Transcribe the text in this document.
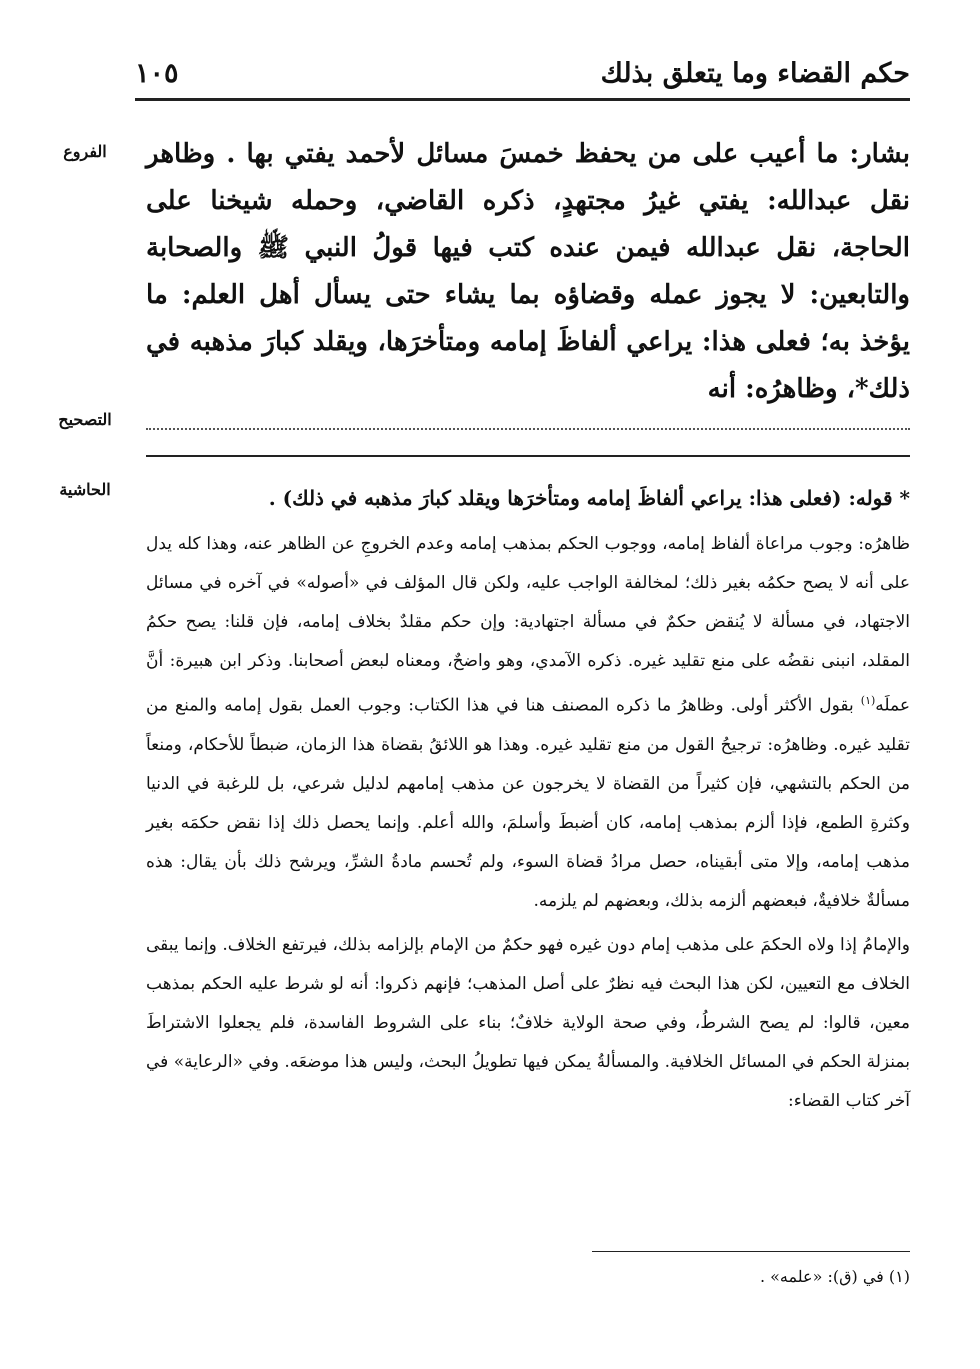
حكم القضاء وما يتعلق بذلك
١٠٥
الفروع	بشار: ما أعيب على من يحفظ خمسَ مسائل لأحمد يفتي بها . وظاهر نقل عبدالله: يفتي غيرُ مجتهدٍ، ذكره القاضي، وحمله شيخنا على الحاجة، نقل عبدالله فيمن عنده كتب فيها قولُ النبي ﷺ والصحابة والتابعين: لا يجوز عمله وقضاؤه بما يشاء حتى يسأل أهل العلم: ما يؤخذ به؛ فعلى هذا: يراعي ألفاظَ إمامه ومتأخرَها، ويقلد كبارَ مذهبه في ذلك*، وظاهرُه: أنه

التصحيح
الحاشية	* قوله: (فعلى هذا: يراعي ألفاظَ إمامه ومتأخرَها ويقلد كبارَ مذهبه في ذلك) .

ظاهرُه: وجوب مراعاة ألفاظ إمامه، ووجوب الحكم بمذهب إمامه وعدم الخروجِ عن الظاهر عنه، وهذا كله يدل على أنه لا يصح حكمُه بغير ذلك؛ لمخالفة الواجب عليه، ولكن قال المؤلف في «أصوله» في آخره في مسائل الاجتهاد، في مسألة لا يُنقض حكمٌ في مسألة اجتهادية: وإن حكم مقلدٌ بخلاف إمامه، فإن قلنا: يصح حكمُ المقلد، انبنى نقضُه على منع تقليد غيره. ذكره الآمدي، وهو واضحٌ، ومعناه لبعض أصحابنا. وذكر ابن هبيرة: أنَّ عملَه$^{(١)}$ بقول الأكثر أولى. وظاهرُ ما ذكره المصنف هنا في هذا الكتاب: وجوب العمل بقول إمامه والمنع من تقليد غيره. وظاهرُه: ترجيحُ القول من منع تقليد غيره. وهذا هو اللائقُ بقضاة هذا الزمان، ضبطاً للأحكام، ومنعاً من الحكم بالتشهي، فإن كثيراً من القضاة لا يخرجون عن مذهب إمامهم لدليل شرعي، بل للرغبة في الدنيا وكثرةِ الطمع، فإذا ألزم بمذهب إمامه، كان أضبطَ وأسلمَ، والله أعلم. وإنما يحصل ذلك إذا نقض حكمَه بغير مذهب إمامه، وإلا متى أبقيناه، حصل مرادُ قضاة السوء، ولم تُحسم مادةُ الشرِّ، ويرشح ذلك بأن يقال: هذه مسألةٌ خلافيةٌ، فبعضهم ألزمه بذلك، وبعضهم لم يلزمه.

والإمامُ إذا ولاه الحكمَ على مذهب إمام دون غيره فهو حكمٌ من الإمام بإلزامه بذلك، فيرتفع الخلاف. وإنما يبقى الخلاف مع التعيين، لكن هذا البحث فيه نظرٌ على أصل المذهب؛ فإنهم ذكروا: أنه لو شرط عليه الحكم بمذهب معين، قالوا: لم يصح الشرطُ، وفي صحة الولاية خلافٌ؛ بناء على الشروط الفاسدة، فلم يجعلوا الاشتراطَ بمنزلة الحكم في المسائل الخلافية. والمسألةُ يمكن فيها تطويلُ البحث، وليس هذا موضعَه. وفي «الرعاية» في آخر كتاب القضاء:

(١) في (ق): «علمه» .
